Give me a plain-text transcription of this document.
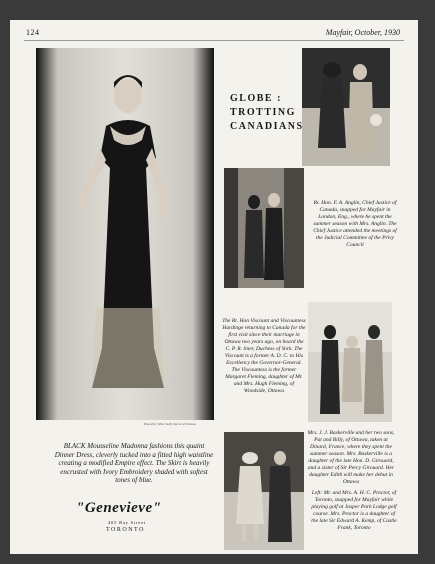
124	Mayfair, October, 1930
Posed by Miss Sally Davis of Ottawa
GLOBE :
TROTTING
CANADIANS
Rt. Hon. F. A. Anglin, Chief Justice of Canada, snapped for Mayfair in London, Eng., where he spent the summer season with Mrs. Anglin. The Chief Justice attended the meetings of the Judicial Committee of the Privy Council
The Rt. Hon Viscount and Viscountess Hardinge returning to Canada for the first visit since their marriage in Ottawa two years ago, on board the C. P. R. liner, Duchess of York. The Viscount is a former A. D. C. to His Excellency the Governor-General. The Viscountess is the former Margaret Fleming, daughter of Mr. and Mrs. Hugh Fleming, of Woodside, Ottawa
Mrs. J. J. Baskerville and her two sons, Pat and Billy, of Ottawa, taken at Dinard, France, where they spent the summer season. Mrs. Baskerville is a daughter of the late Hon. D. Girouard, and a sister of Sir Percy Girouard. Her daughter Edith will make her debut in Ottawa
Left: Mr. and Mrs. A. H. C. Proctor, of Toronto, snapped for Mayfair while playing golf at Jasper Park Lodge golf course. Mrs. Proctor is a daughter of the late Sir Edward A. Kemp, of Castle Frank, Toronto
BLACK Mousseline Madonna fashions this quaint Dinner Dress, cleverly tucked into a fitted high waistline creating a modified Empire effect. The Skirt is heavily encrusted with Ivory Embroidery shaded with softest tones of blue.
"Genevieve"
405 Bay Street
TORONTO
